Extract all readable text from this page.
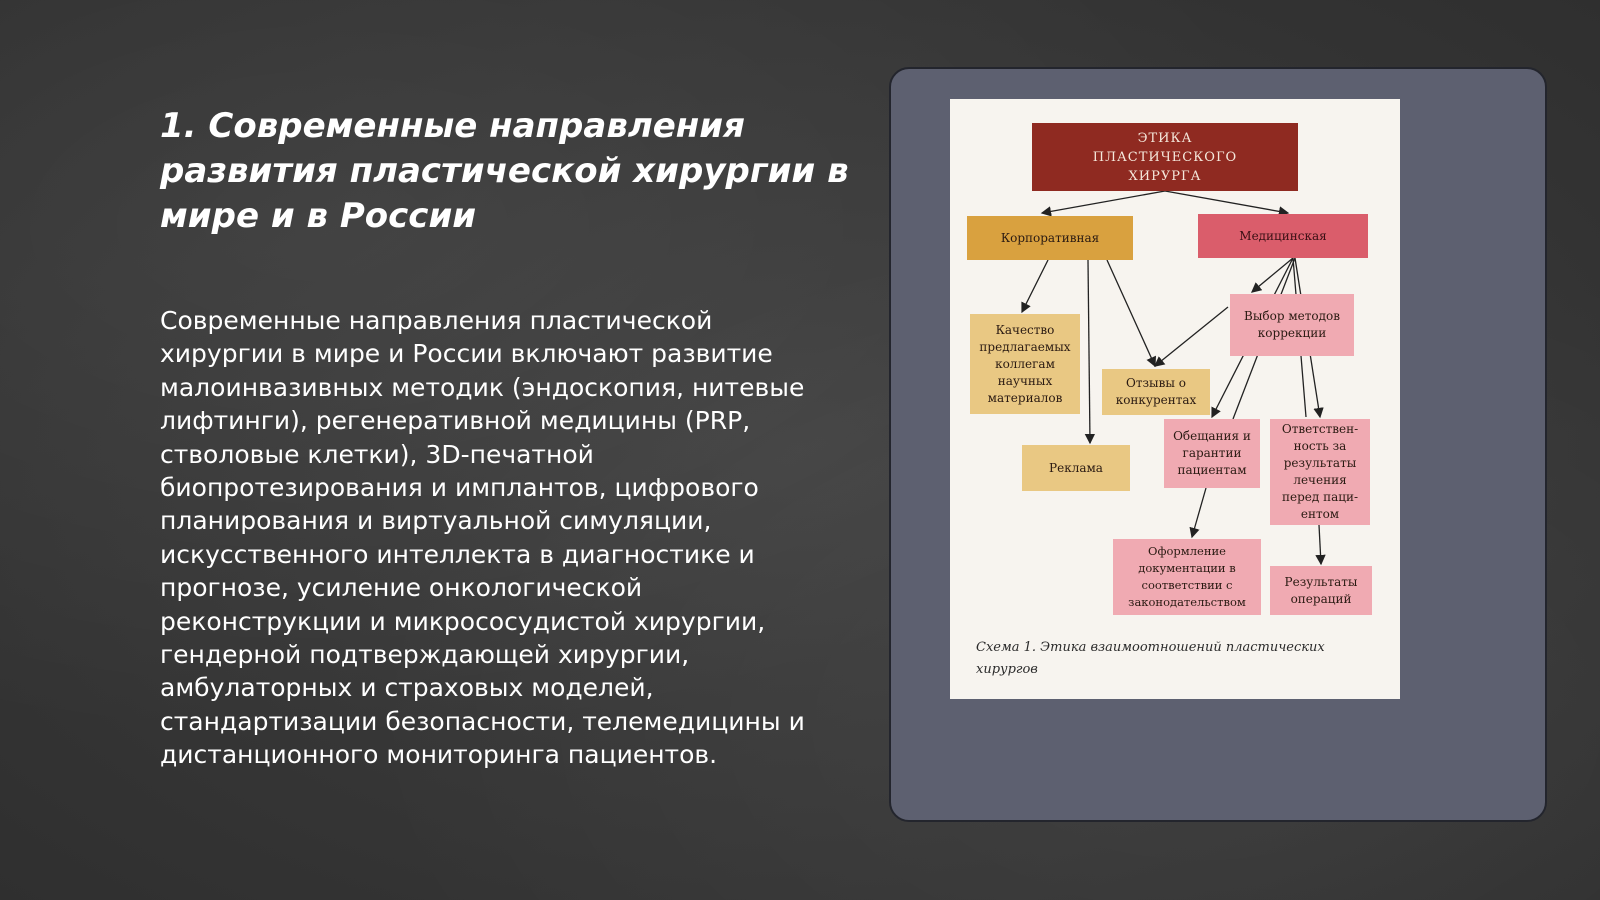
1. Современные направления развития пластической хирургии в мире и в России

Современные направления пластической хирургии в мире и России включают развитие малоинвазивных методик (эндоскопия, нитевые лифтинги), регенеративной медицины (PRP, стволовые клетки), 3D-печатной биопротезирования и имплантов, цифрового планирования и виртуальной симуляции, искусственного интеллекта в диагностике и прогнозе, усиление онкологической реконструкции и микрососудистой хирургии, гендерной подтверждающей хирургии, амбулаторных и страховых моделей, стандартизации безопасности, телемедицины и дистанционного мониторинга пациентов.

ЭТИКА ПЛАСТИЧЕСКОГО ХИРУРГА
Корпоративная	Медицинская
Качество предлагаемых коллегам научных материалов
Выбор методов коррекции
Отзывы о конкурентах
Реклама
Обещания и гарантии пациентам
Ответствен-ность за результаты лечения перед паци-ентом
Оформление документации в соответствии с законодательством
Результаты операций
Схема 1. Этика взаимоотношений пластических хирургов
